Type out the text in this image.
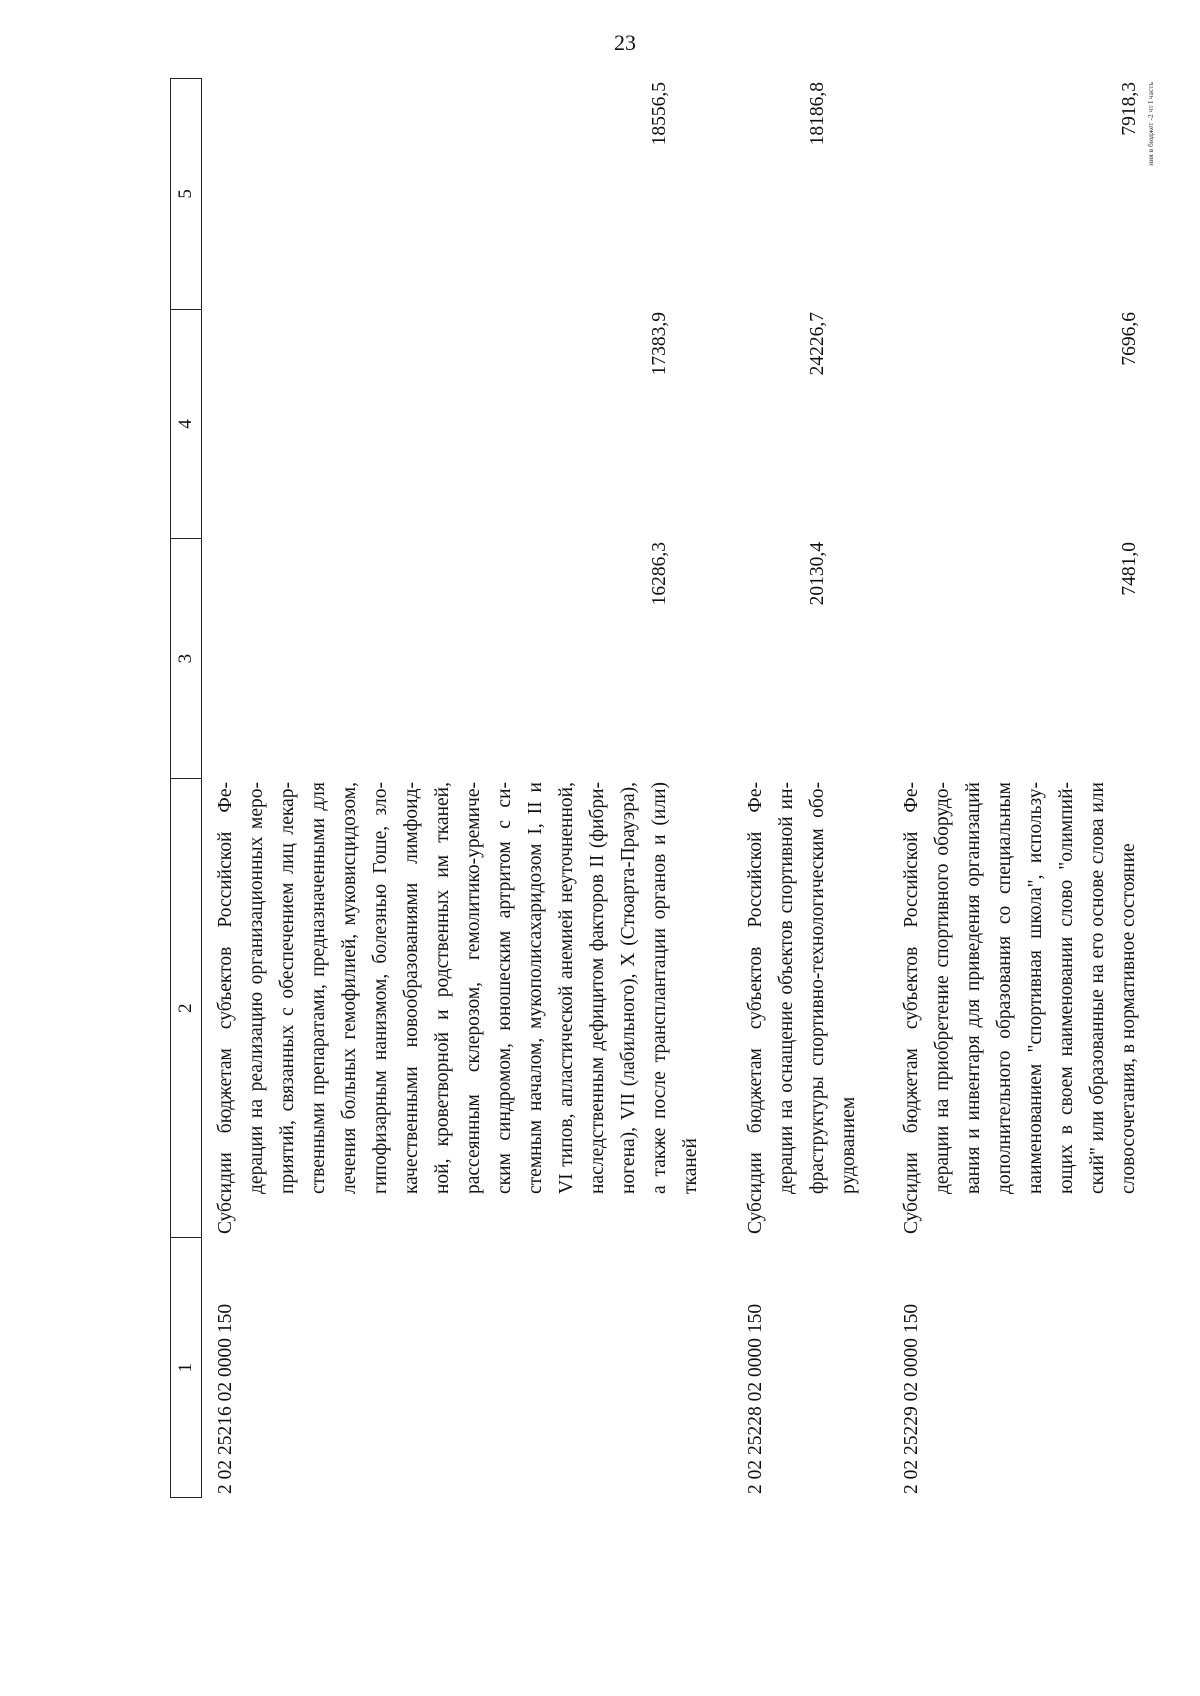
23
1
2
3
4
5
2 02 25216 02 0000 150
Субсидии бюджетам субъектов Российской Фе- дерации на реализацию организационных меро- приятий, связанных с обеспечением лиц лекар- ственными препаратами, предназначенными для лечения больных гемофилией, муковисцидозом, гипофизарным нанизмом, болезнью Гоше, зло- качественными новообразованиями лимфоид- ной, кроветворной и родственных им тканей, рассеянным склерозом, гемолитико-уремиче- ским синдромом, юношеским артритом с си- стемным началом, мукополисахаридозом I, II и VI типов, апластической анемией неуточненной, наследственным дефицитом факторов II (фибри- ногена), VII (лабильного), X (Стюарта-Прауэра), а также после трансплантации органов и (или) тканей
16286,3
17383,9
18556,5
2 02 25228 02 0000 150
Субсидии бюджетам субъектов Российской Фе- дерации на оснащение объектов спортивной ин- фраструктуры спортивно-технологическим обо- рудованием
20130,4
24226,7
18186,8
2 02 25229 02 0000 150
Субсидии бюджетам субъектов Российской Фе- дерации на приобретение спортивного оборудо- вания и инвентаря для приведения организаций дополнительного образования со специальным наименованием "спортивная школа", использу- ющих в своем наименовании слово "олимпий- ский" или образованные на его основе слова или словосочетания, в нормативное состояние
7481,0
7696,6
7918,3 ния в бюджет -2 чт I часть
